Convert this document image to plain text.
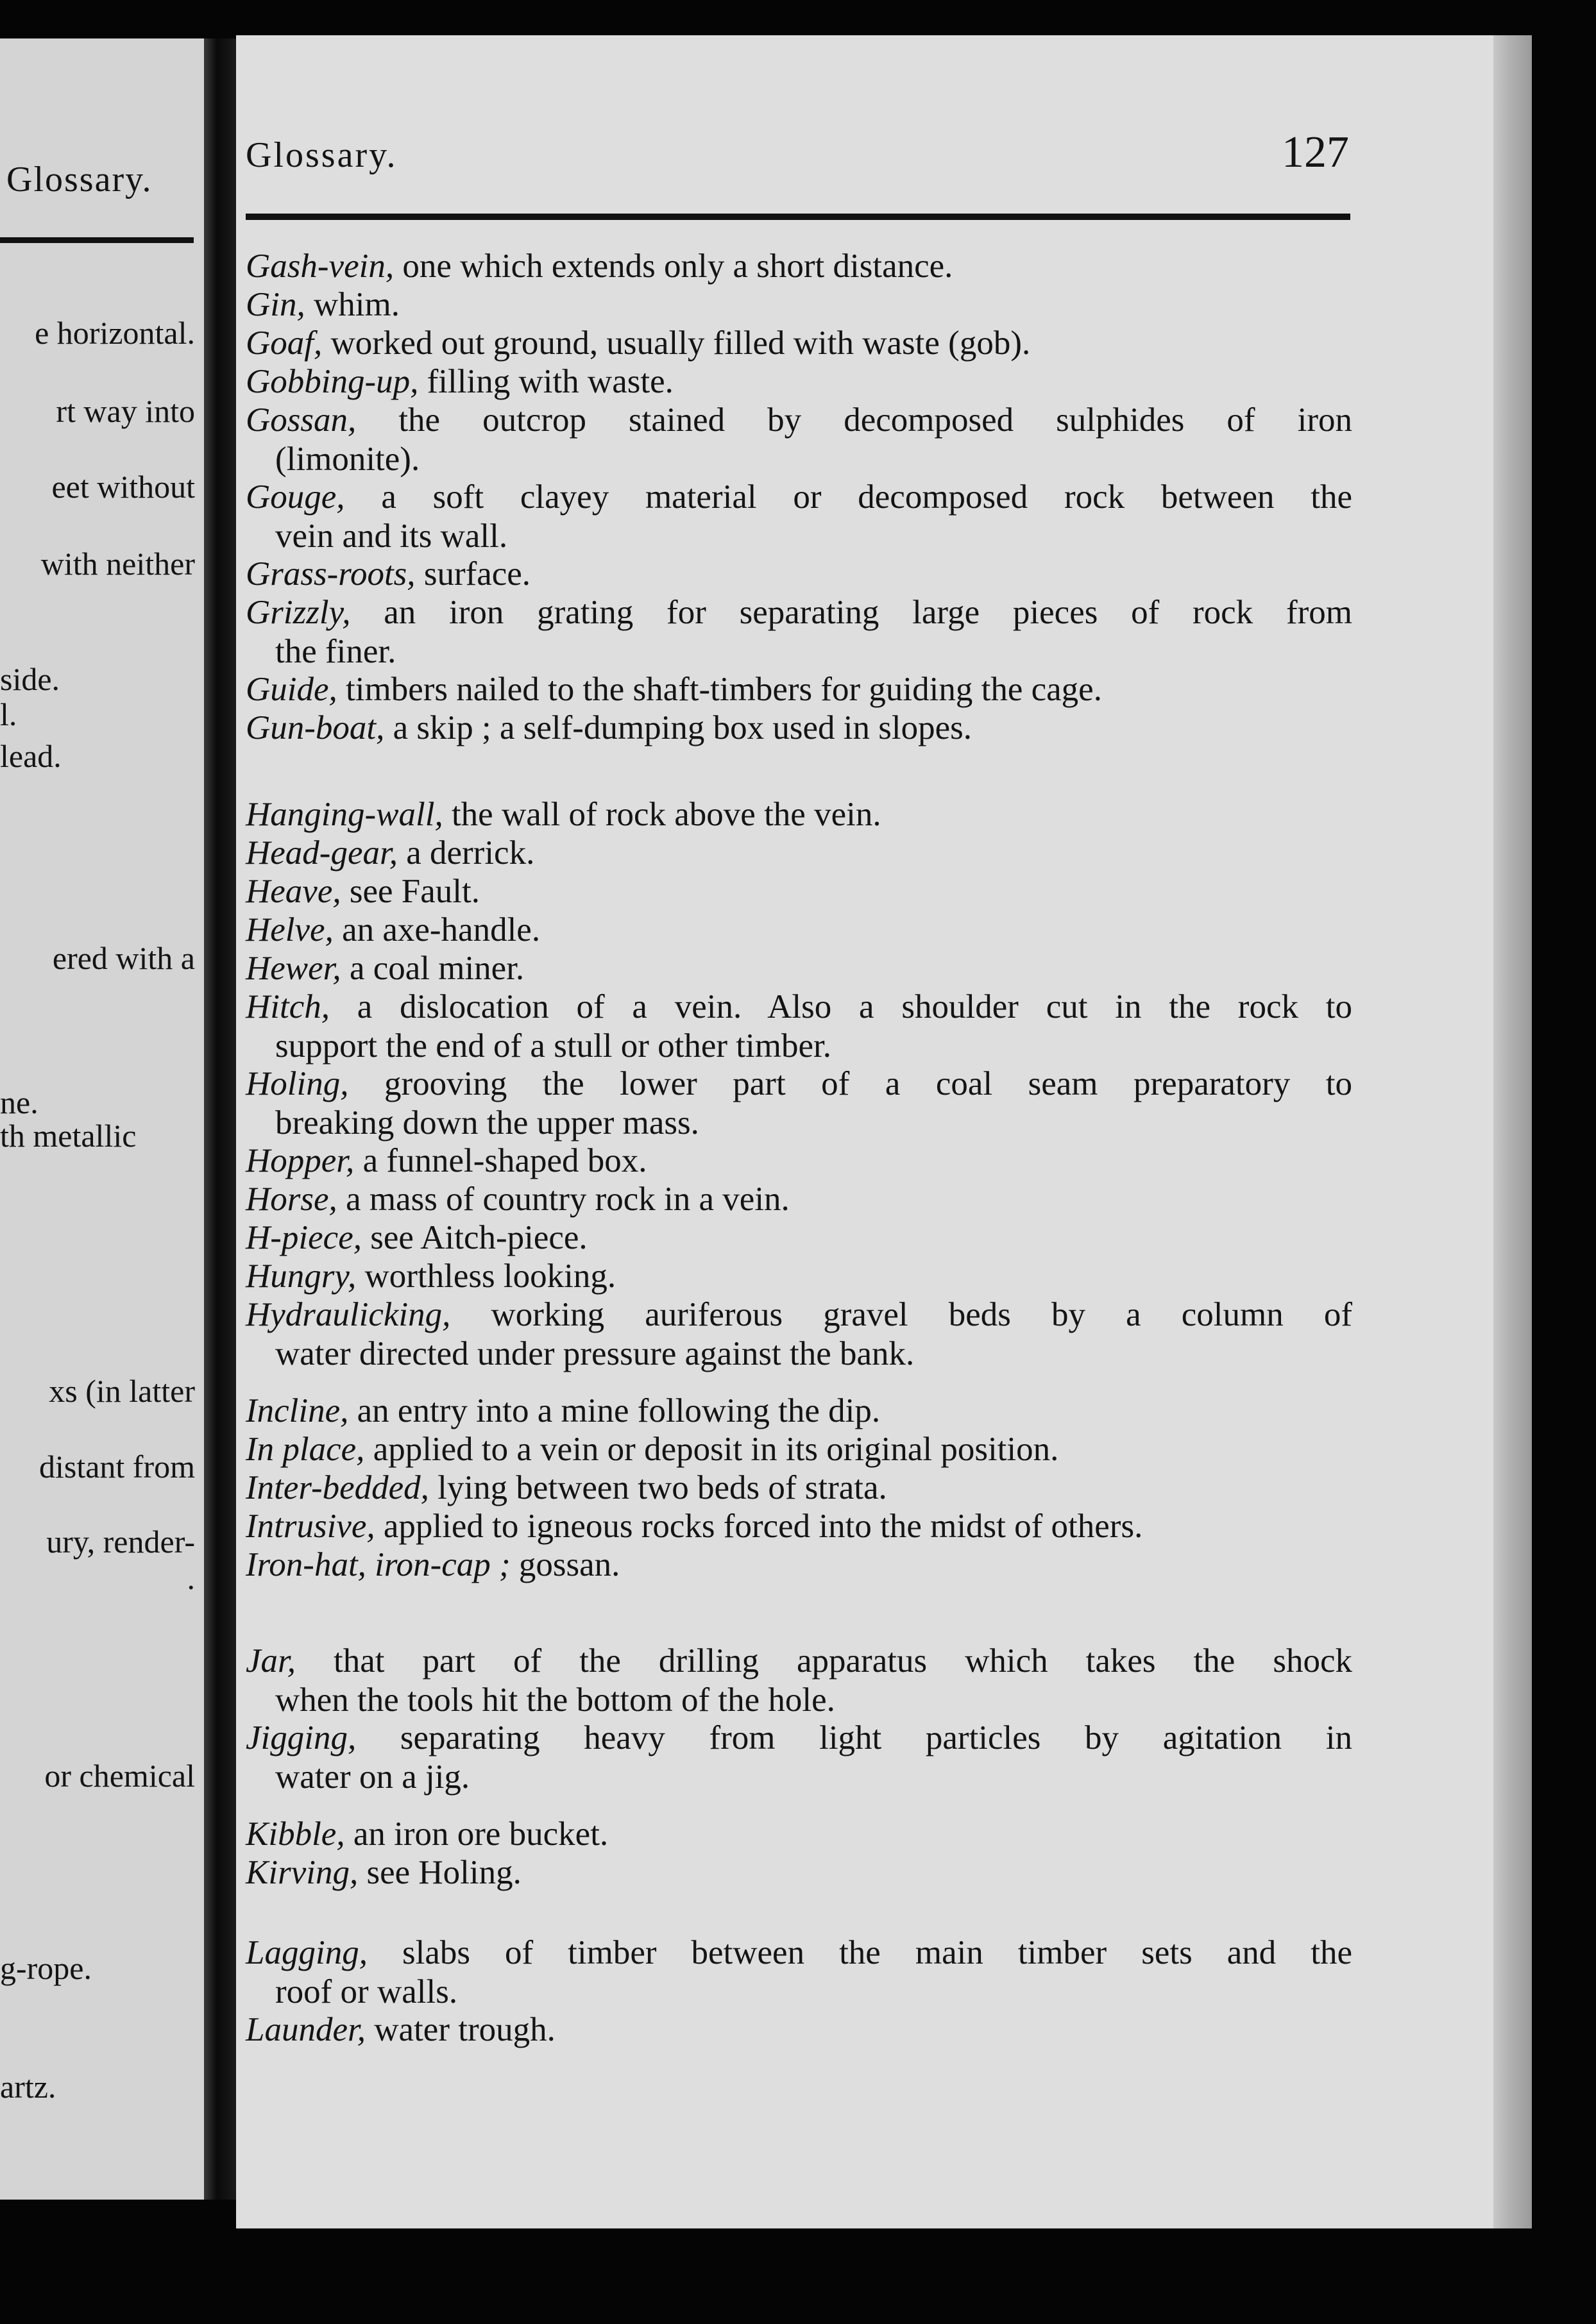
Glossary.
e horizontal.
rt way into
eet without
with neither
side.
l.
lead.
ered with a
ne.
th metallic
xs (in latter
distant from
ury, render-
.
or chemical
g-rope.
artz.
Glossary.	127
Gash-vein, one which extends only a short distance.
Gin, whim.
Goaf, worked out ground, usually filled with waste (gob).
Gobbing-up, filling with waste.
Gossan, the outcrop stained by decomposed sulphides of iron
(limonite).
Gouge, a soft clayey material or decomposed rock between the
vein and its wall.
Grass-roots, surface.
Grizzly, an iron grating for separating large pieces of rock from
the finer.
Guide, timbers nailed to the shaft-timbers for guiding the cage.
Gun-boat, a skip ; a self-dumping box used in slopes.
Hanging-wall, the wall of rock above the vein.
Head-gear, a derrick.
Heave, see Fault.
Helve, an axe-handle.
Hewer, a coal miner.
Hitch, a dislocation of a vein. Also a shoulder cut in the rock to
support the end of a stull or other timber.
Holing, grooving the lower part of a coal seam preparatory to
breaking down the upper mass.
Hopper, a funnel-shaped box.
Horse, a mass of country rock in a vein.
H-piece, see Aitch-piece.
Hungry, worthless looking.
Hydraulicking, working auriferous gravel beds by a column of
water directed under pressure against the bank.
Incline, an entry into a mine following the dip.
In place, applied to a vein or deposit in its original position.
Inter-bedded, lying between two beds of strata.
Intrusive, applied to igneous rocks forced into the midst of others.
Iron-hat, iron-cap ; gossan.
Jar, that part of the drilling apparatus which takes the shock
when the tools hit the bottom of the hole.
Jigging, separating heavy from light particles by agitation in
water on a jig.
Kibble, an iron ore bucket.
Kirving, see Holing.
Lagging, slabs of timber between the main timber sets and the
roof or walls.
Launder, water trough.
